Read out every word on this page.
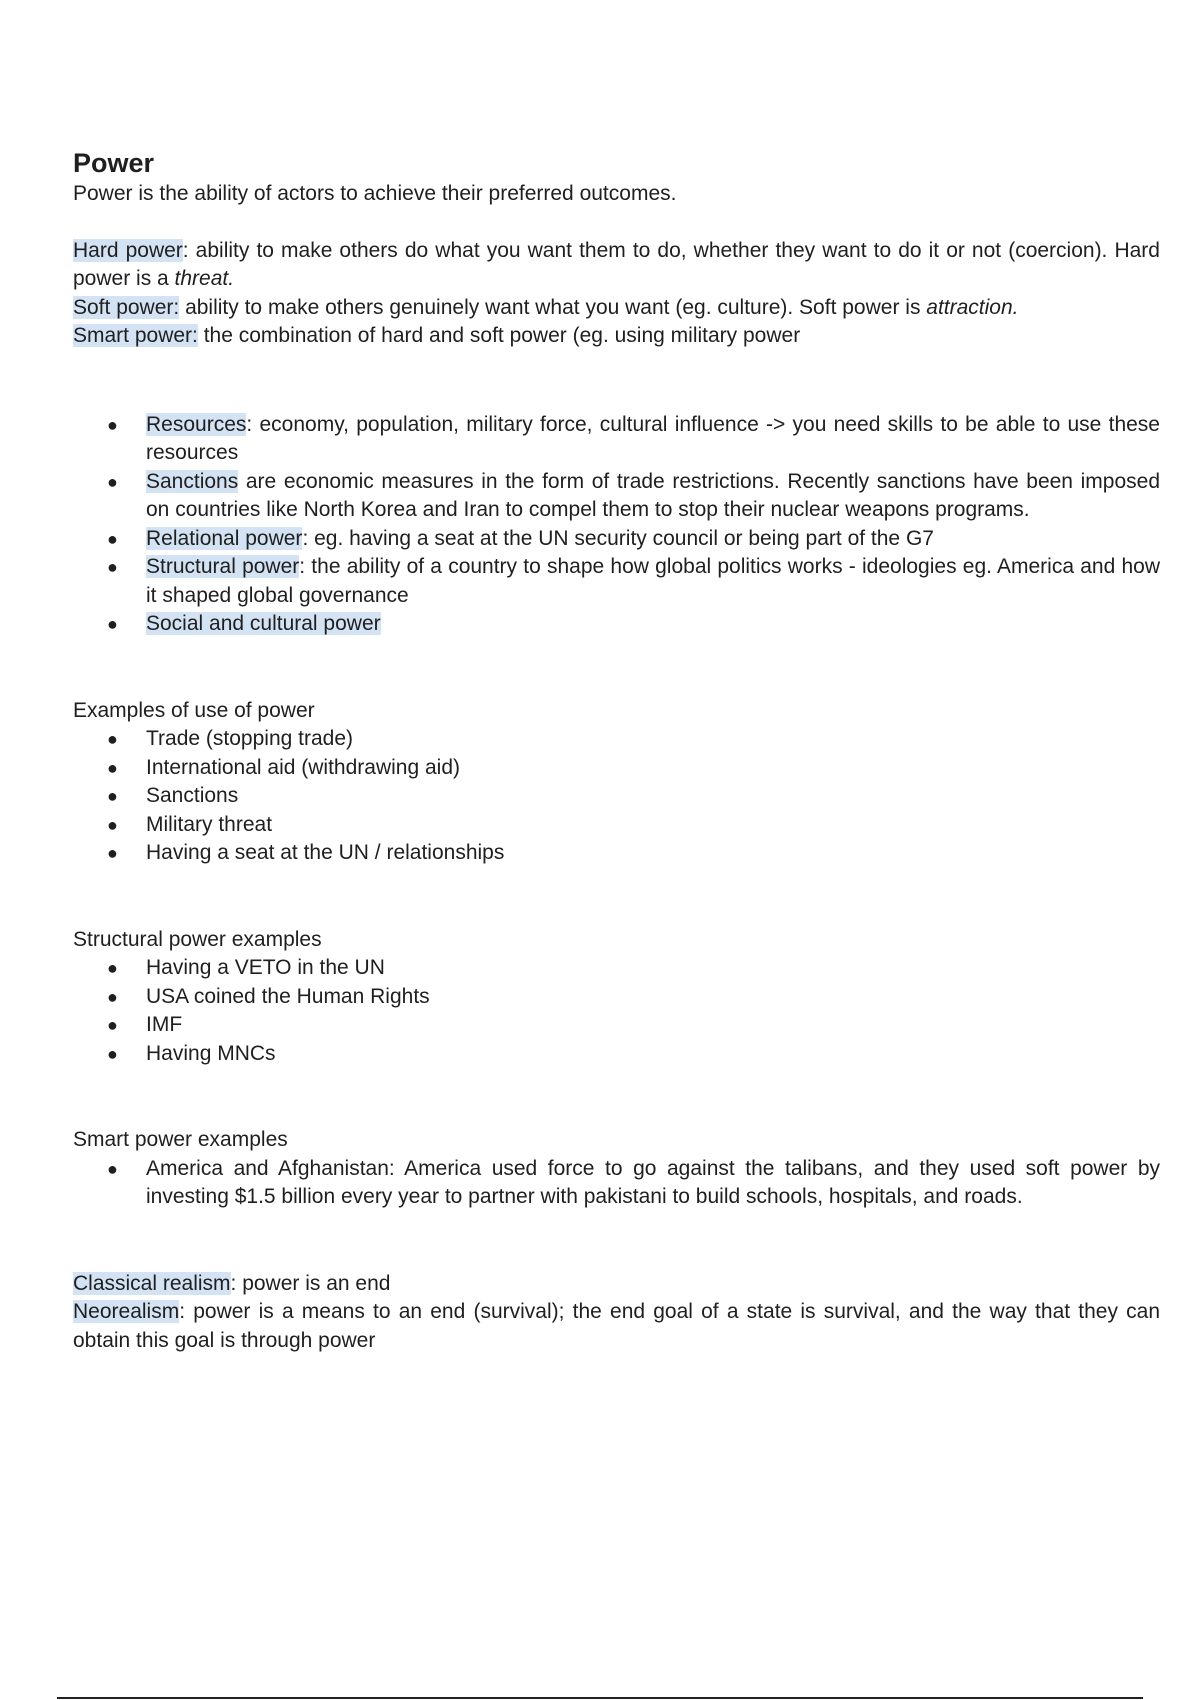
Power

Power is the ability of actors to achieve their preferred outcomes.

Hard power: ability to make others do what you want them to do, whether they want to do it or not (coercion). Hard power is a threat.

Soft power: ability to make others genuinely want what you want (eg. culture). Soft power is attraction.

Smart power: the combination of hard and soft power (eg. using military power

● Resources: economy, population, military force, cultural influence -> you need skills to be able to use these resources
● Sanctions are economic measures in the form of trade restrictions. Recently sanctions have been imposed on countries like North Korea and Iran to compel them to stop their nuclear weapons programs.
● Relational power: eg. having a seat at the UN security council or being part of the G7
● Structural power: the ability of a country to shape how global politics works - ideologies eg. America and how it shaped global governance
● Social and cultural power

Examples of use of power

● Trade (stopping trade)
● International aid (withdrawing aid)
● Sanctions
● Military threat
● Having a seat at the UN / relationships

Structural power examples

● Having a VETO in the UN
● USA coined the Human Rights
● IMF
● Having MNCs

Smart power examples

● America and Afghanistan: America used force to go against the talibans, and they used soft power by investing $1.5 billion every year to partner with pakistani to build schools, hospitals, and roads.

Classical realism: power is an end

Neorealism: power is a means to an end (survival); the end goal of a state is survival, and the way that they can obtain this goal is through power
